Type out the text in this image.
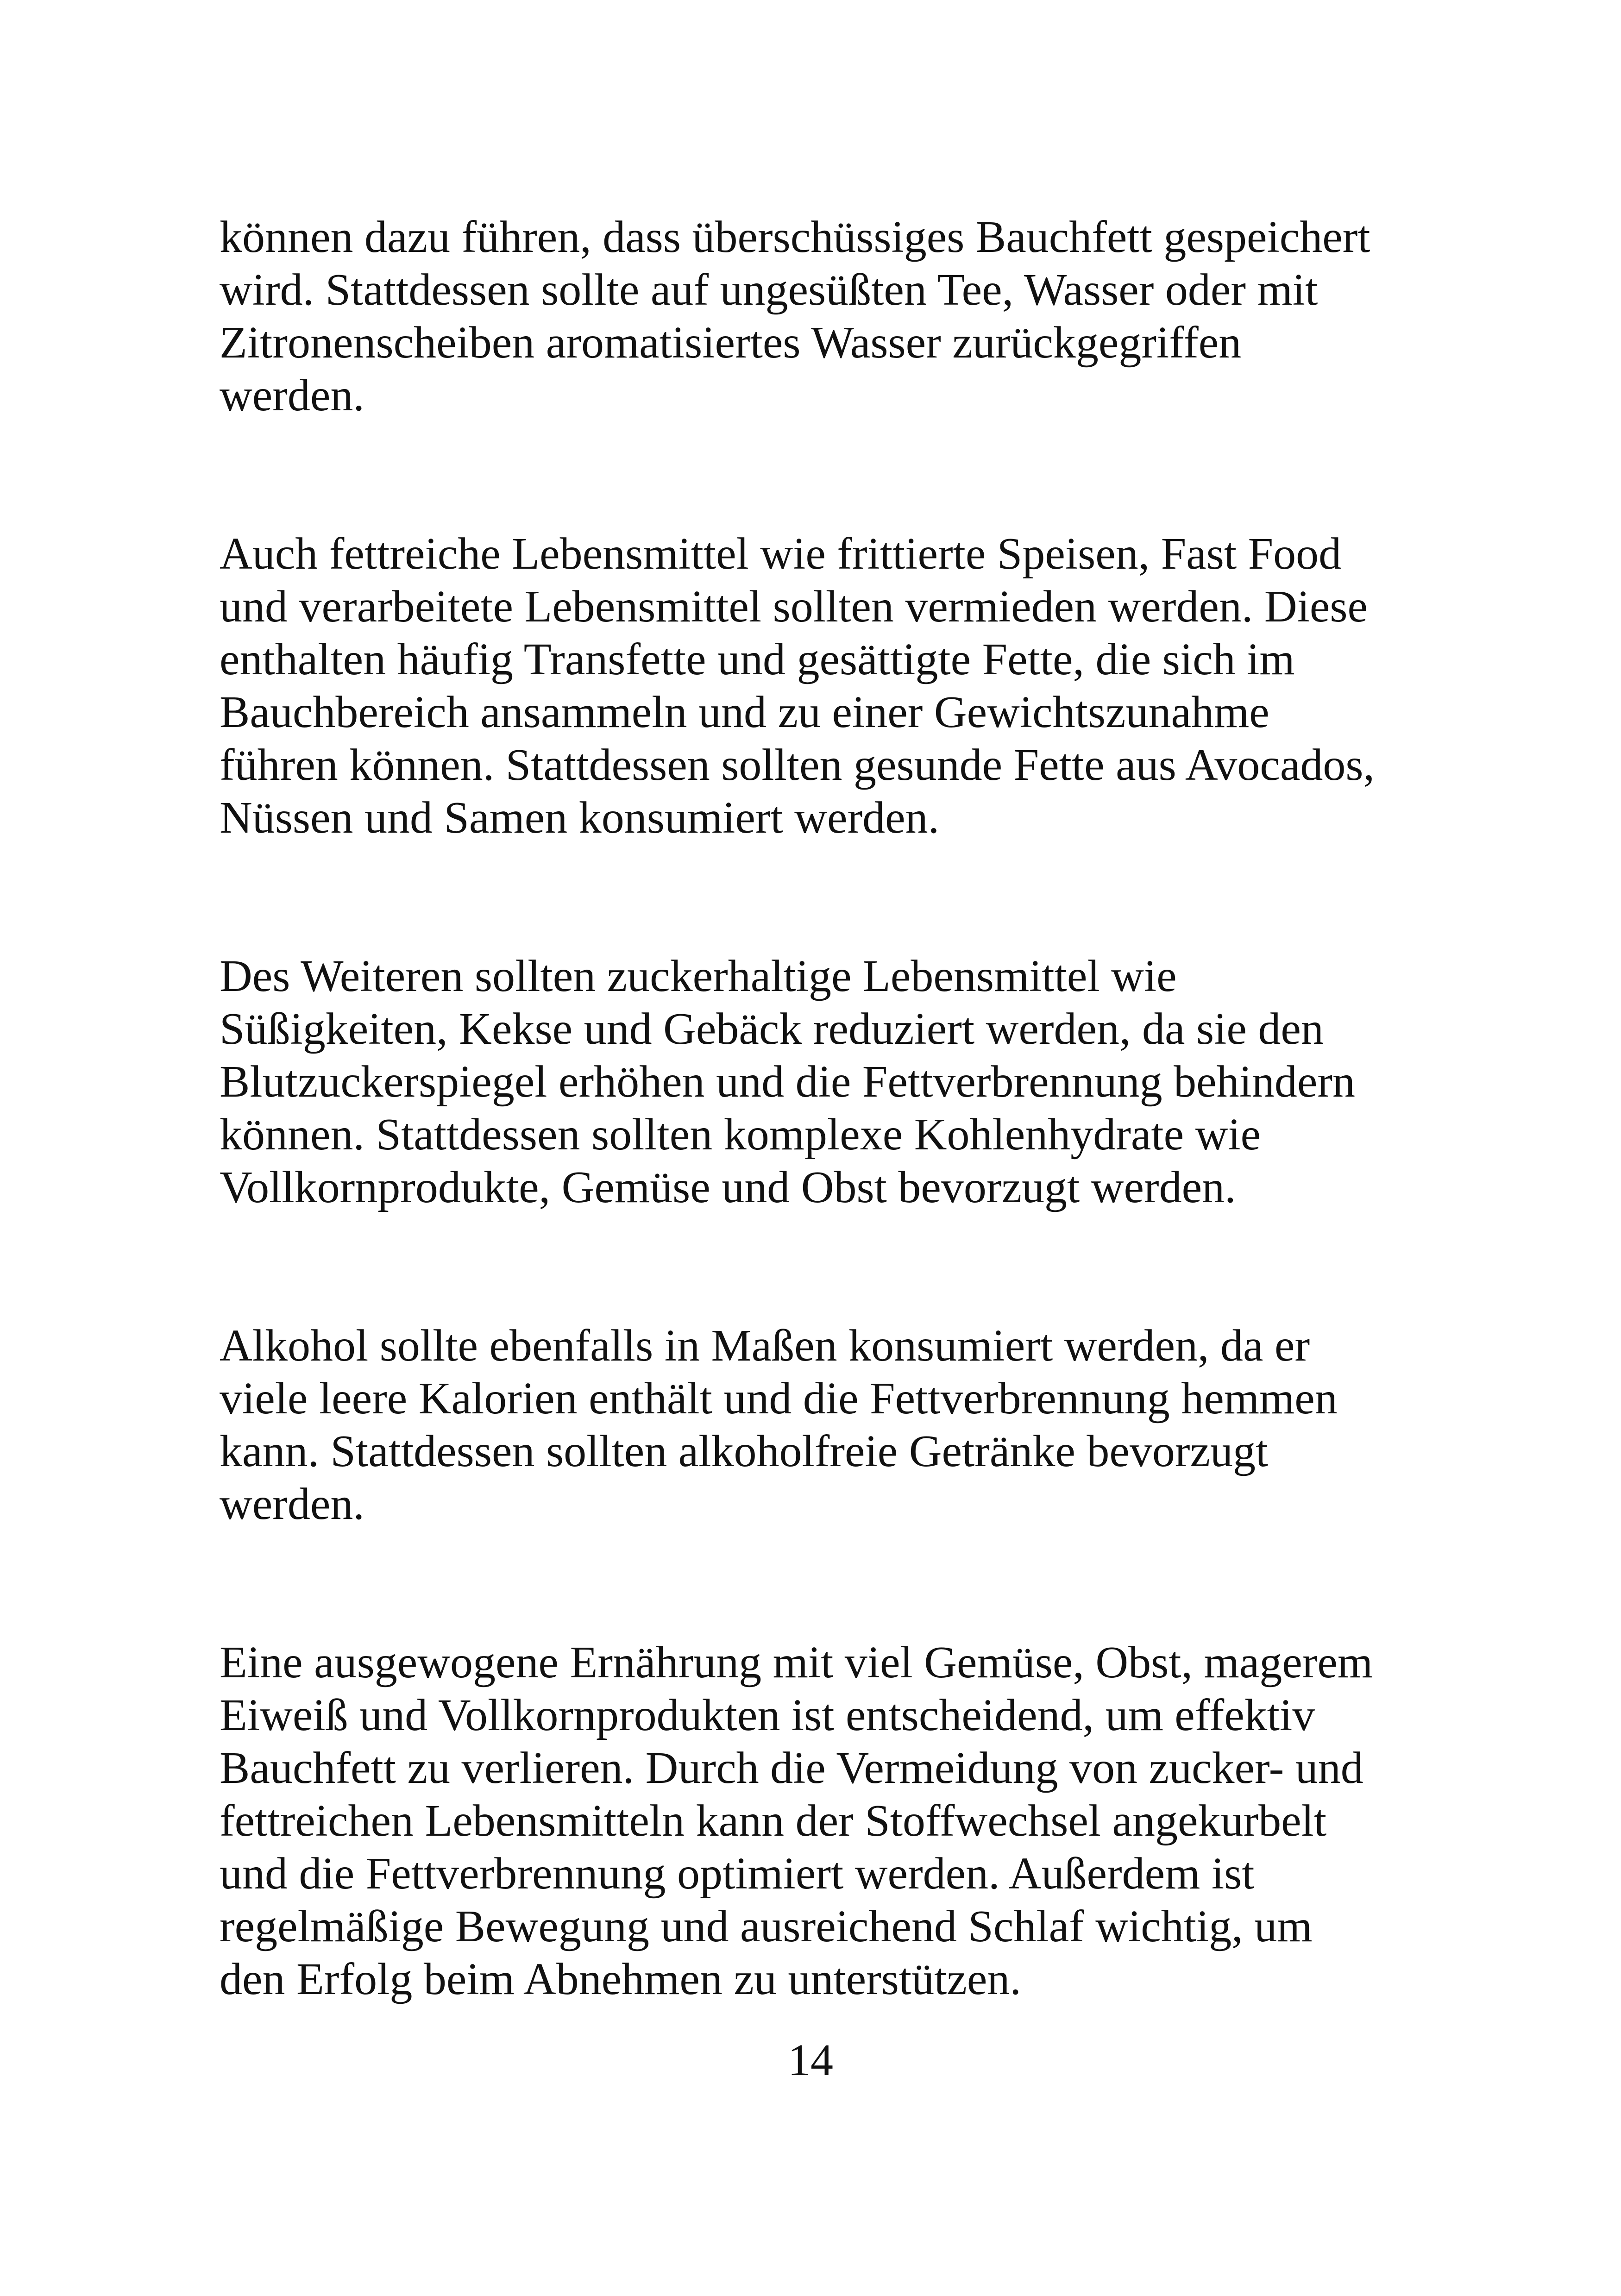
können dazu führen, dass überschüssiges Bauchfett gespeichert
wird. Stattdessen sollte auf ungesüßten Tee, Wasser oder mit
Zitronenscheiben aromatisiertes Wasser zurückgegriffen
werden.

Auch fettreiche Lebensmittel wie frittierte Speisen, Fast Food
und verarbeitete Lebensmittel sollten vermieden werden. Diese
enthalten häufig Transfette und gesättigte Fette, die sich im
Bauchbereich ansammeln und zu einer Gewichtszunahme
führen können. Stattdessen sollten gesunde Fette aus Avocados,
Nüssen und Samen konsumiert werden.

Des Weiteren sollten zuckerhaltige Lebensmittel wie
Süßigkeiten, Kekse und Gebäck reduziert werden, da sie den
Blutzuckerspiegel erhöhen und die Fettverbrennung behindern
können. Stattdessen sollten komplexe Kohlenhydrate wie
Vollkornprodukte, Gemüse und Obst bevorzugt werden.

Alkohol sollte ebenfalls in Maßen konsumiert werden, da er
viele leere Kalorien enthält und die Fettverbrennung hemmen
kann. Stattdessen sollten alkoholfreie Getränke bevorzugt
werden.

Eine ausgewogene Ernährung mit viel Gemüse, Obst, magerem
Eiweiß und Vollkornprodukten ist entscheidend, um effektiv
Bauchfett zu verlieren. Durch die Vermeidung von zucker- und
fettreichen Lebensmitteln kann der Stoffwechsel angekurbelt
und die Fettverbrennung optimiert werden. Außerdem ist
regelmäßige Bewegung und ausreichend Schlaf wichtig, um
den Erfolg beim Abnehmen zu unterstützen.

14
